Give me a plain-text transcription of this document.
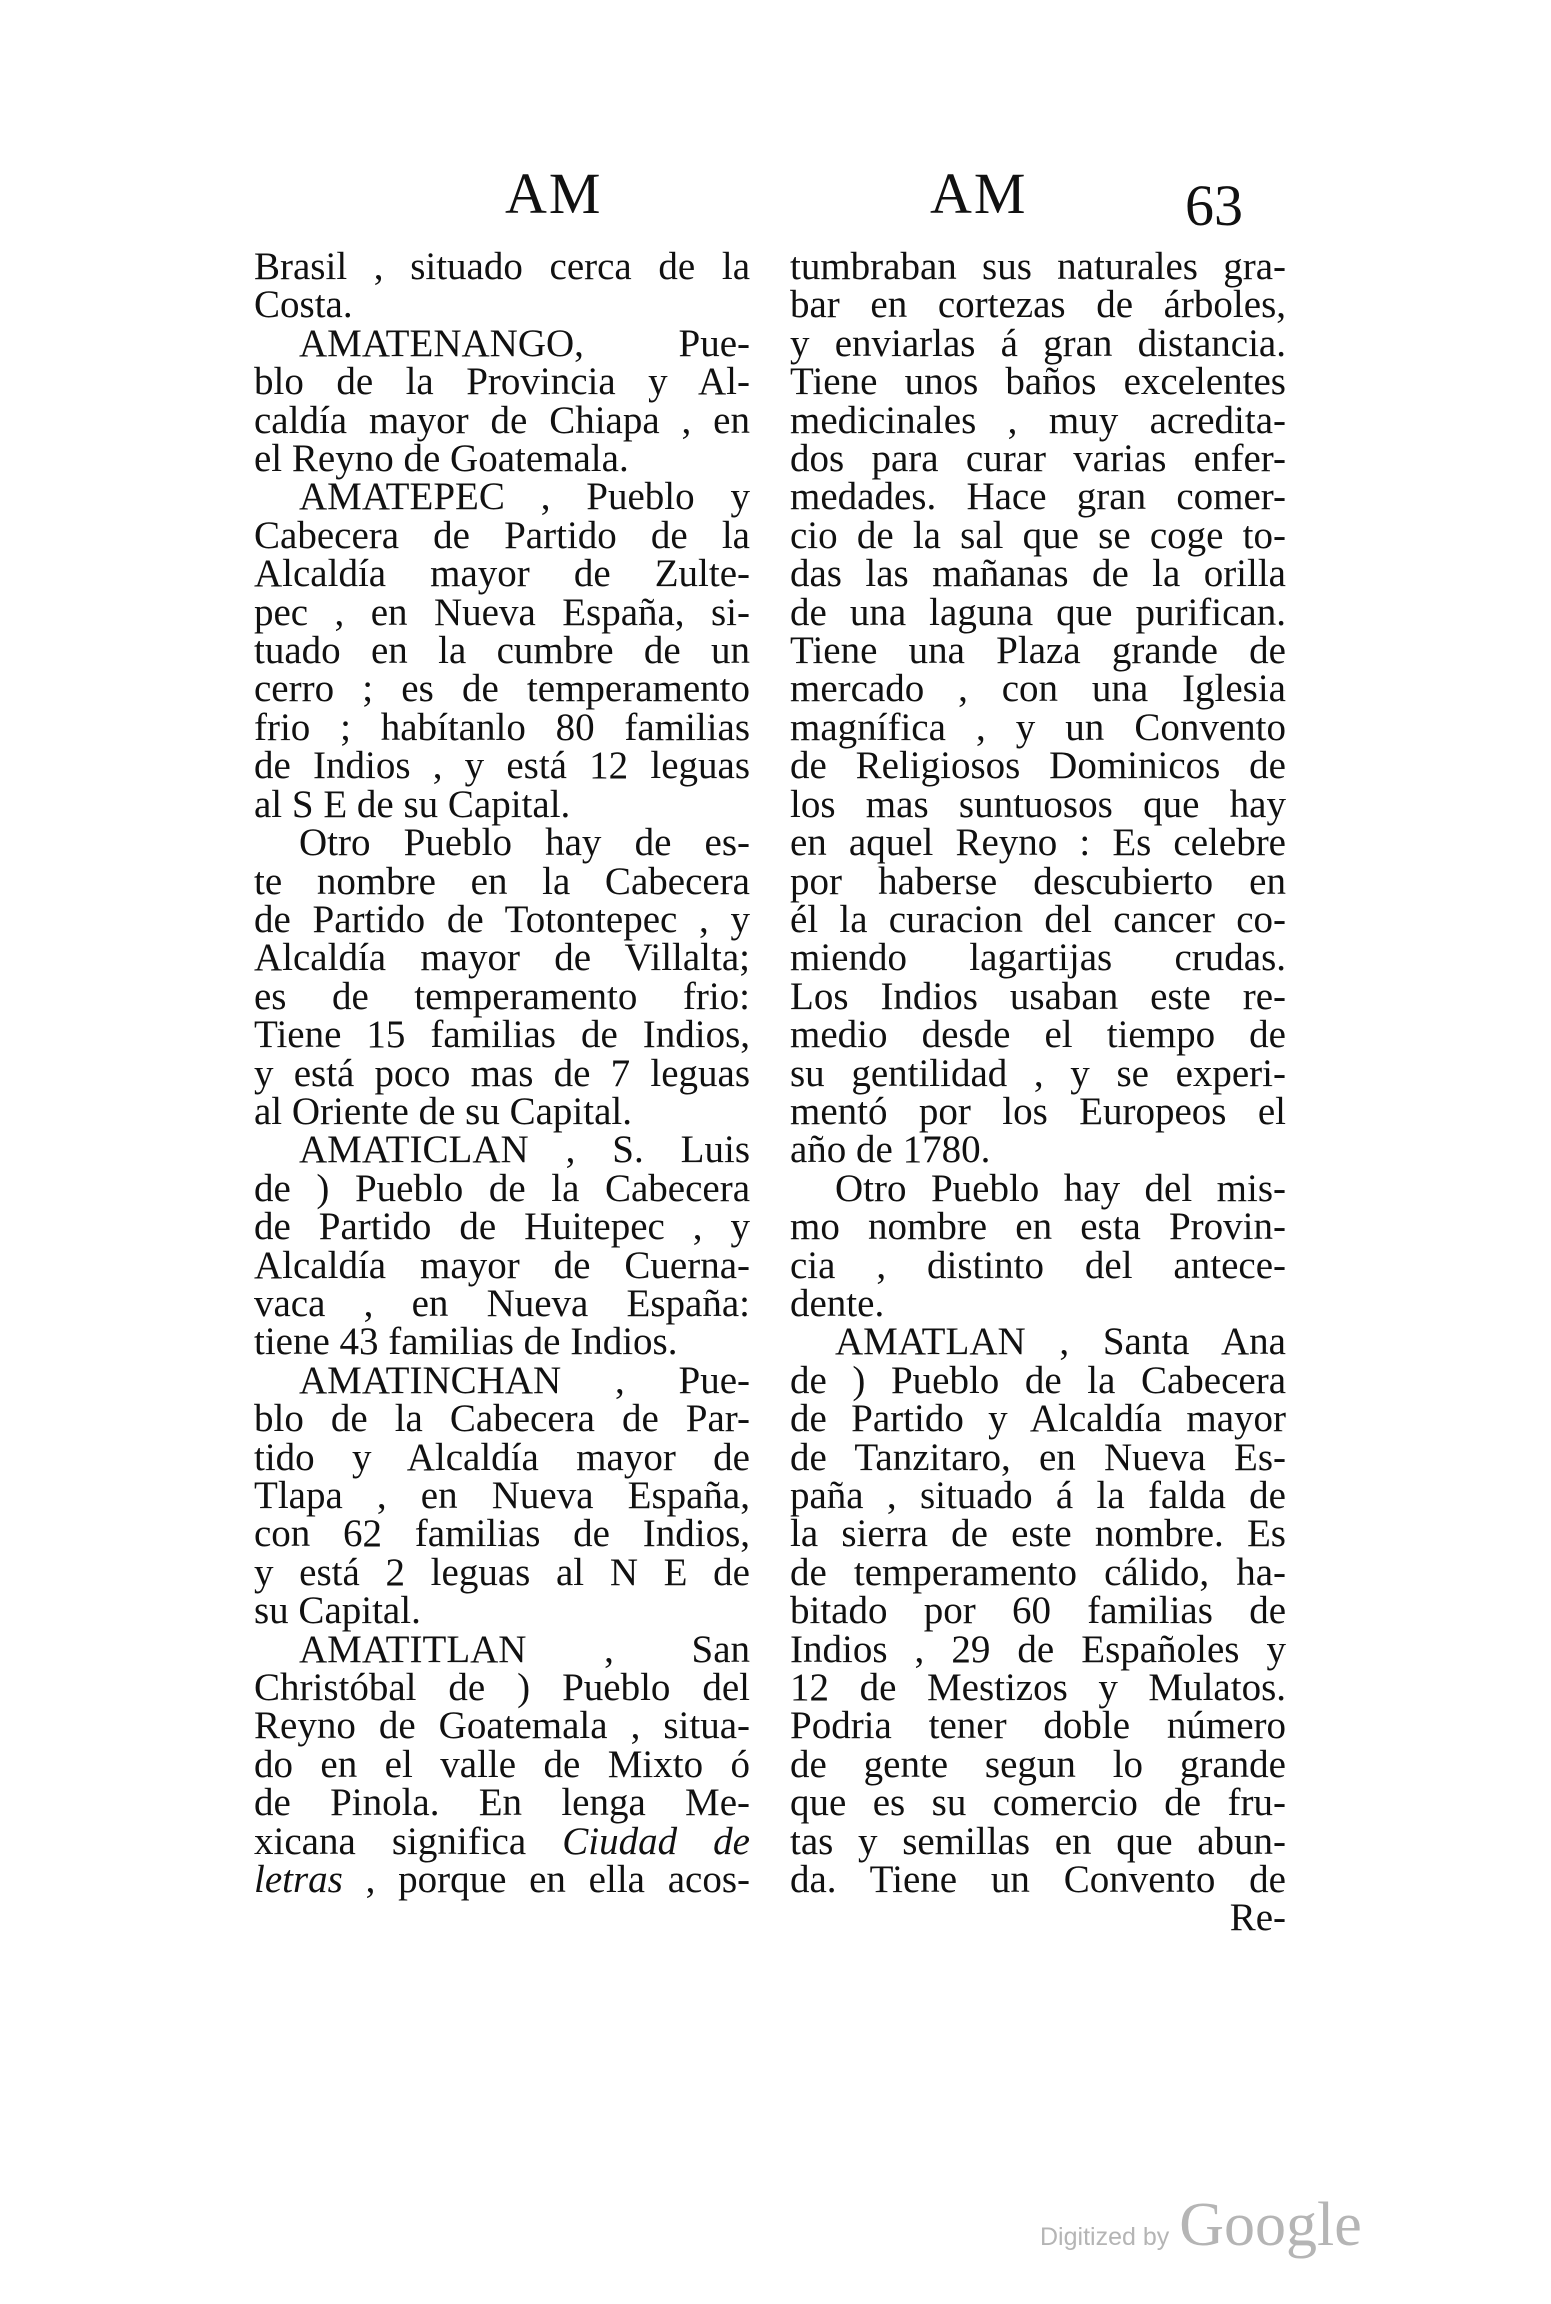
AM	AM	63
Brasil , situado cerca de la
Costa.
AMATENANGO, Pue-
blo de la Provincia y Al-
caldía mayor de Chiapa , en
el Reyno de Goatemala.
AMATEPEC , Pueblo y
Cabecera de Partido de la
Alcaldía mayor de Zulte-
pec , en Nueva España, si-
tuado en la cumbre de un
cerro ; es de temperamento
frio ; habítanlo 80 familias
de Indios , y está 12 leguas
al S E de su Capital.
Otro Pueblo hay de es-
te nombre en la Cabecera
de Partido de Totontepec , y
Alcaldía mayor de Villalta;
es de temperamento frio:
Tiene 15 familias de Indios,
y está poco mas de 7 leguas
al Oriente de su Capital.
AMATICLAN , S. Luis
de ) Pueblo de la Cabecera
de Partido de Huitepec , y
Alcaldía mayor de Cuerna-
vaca , en Nueva España:
tiene 43 familias de Indios.
AMATINCHAN , Pue-
blo de la Cabecera de Par-
tido y Alcaldía mayor de
Tlapa , en Nueva España,
con 62 familias de Indios,
y está 2 leguas al N E de
su Capital.
AMATITLAN , San
Christóbal de ) Pueblo del
Reyno de Goatemala , situa-
do en el valle de Mixto ó
de Pinola. En lenga Me-
xicana significa Ciudad de
letras , porque en ella acos-
tumbraban sus naturales gra-
bar en cortezas de árboles,
y enviarlas á gran distancia.
Tiene unos baños excelentes
medicinales , muy acredita-
dos para curar varias enfer-
medades. Hace gran comer-
cio de la sal que se coge to-
das las mañanas de la orilla
de una laguna que purifican.
Tiene una Plaza grande de
mercado , con una Iglesia
magnífica , y un Convento
de Religiosos Dominicos de
los mas suntuosos que hay
en aquel Reyno : Es celebre
por haberse descubierto en
él la curacion del cancer co-
miendo lagartijas crudas.
Los Indios usaban este re-
medio desde el tiempo de
su gentilidad , y se experi-
mentó por los Europeos el
año de 1780.
Otro Pueblo hay del mis-
mo nombre en esta Provin-
cia , distinto del antece-
dente.
AMATLAN , Santa Ana
de ) Pueblo de la Cabecera
de Partido y Alcaldía mayor
de Tanzitaro, en Nueva Es-
paña , situado á la falda de
la sierra de este nombre. Es
de temperamento cálido, ha-
bitado por 60 familias de
Indios , 29 de Españoles y
12 de Mestizos y Mulatos.
Podria tener doble número
de gente segun lo grande
que es su comercio de fru-
tas y semillas en que abun-
da. Tiene un Convento de
Re-
Digitized by Google
